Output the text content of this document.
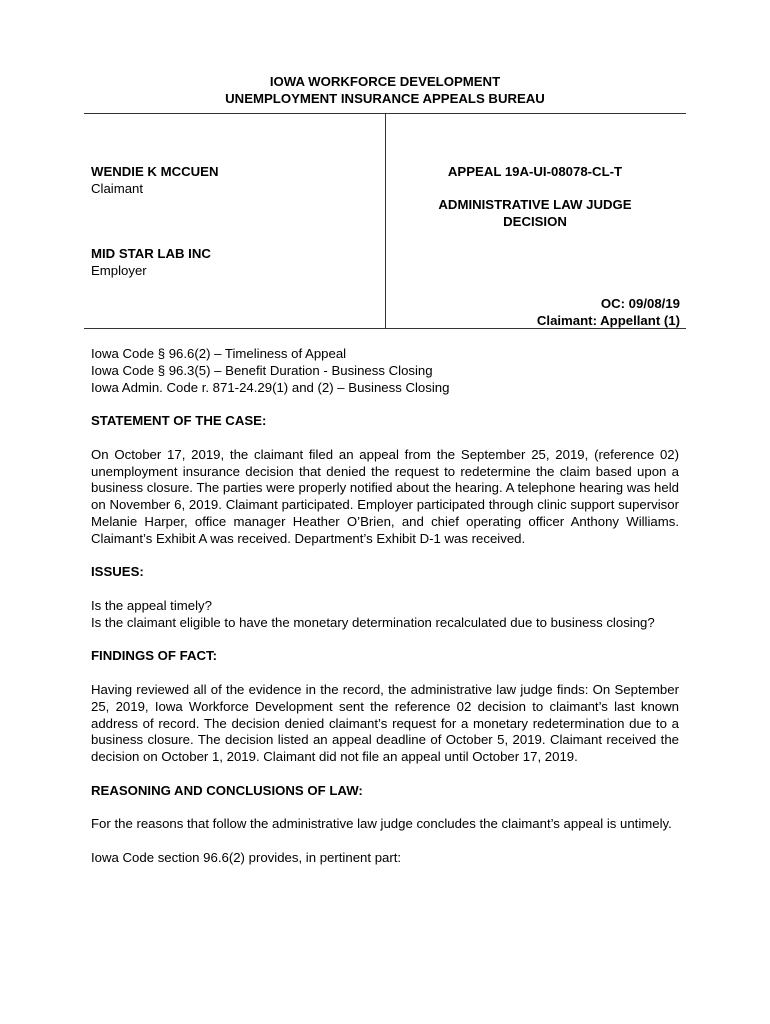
IOWA WORKFORCE DEVELOPMENT
UNEMPLOYMENT INSURANCE APPEALS BUREAU
WENDIE K MCCUEN
Claimant
MID STAR LAB INC
Employer
APPEAL 19A-UI-08078-CL-T
ADMINISTRATIVE LAW JUDGE
DECISION
OC: 09/08/19
Claimant: Appellant (1)

Iowa Code § 96.6(2) – Timeliness of Appeal

Iowa Code § 96.3(5) – Benefit Duration - Business Closing

Iowa Admin. Code r. 871-24.29(1) and (2) – Business Closing

STATEMENT OF THE CASE:

On October 17, 2019, the claimant filed an appeal from the September 25, 2019, (reference 02) unemployment insurance decision that denied the request to redetermine the claim based upon a business closure. The parties were properly notified about the hearing. A telephone hearing was held on November 6, 2019. Claimant participated. Employer participated through clinic support supervisor Melanie Harper, office manager Heather O’Brien, and chief operating officer Anthony Williams. Claimant’s Exhibit A was received. Department’s Exhibit D-1 was received.

ISSUES:

Is the appeal timely?

Is the claimant eligible to have the monetary determination recalculated due to business closing?

FINDINGS OF FACT:

Having reviewed all of the evidence in the record, the administrative law judge finds: On September 25, 2019, Iowa Workforce Development sent the reference 02 decision to claimant’s last known address of record. The decision denied claimant’s request for a monetary redetermination due to a business closure. The decision listed an appeal deadline of October 5, 2019. Claimant received the decision on October 1, 2019. Claimant did not file an appeal until October 17, 2019.

REASONING AND CONCLUSIONS OF LAW:

For the reasons that follow the administrative law judge concludes the claimant’s appeal is untimely.

Iowa Code section 96.6(2) provides, in pertinent part:
